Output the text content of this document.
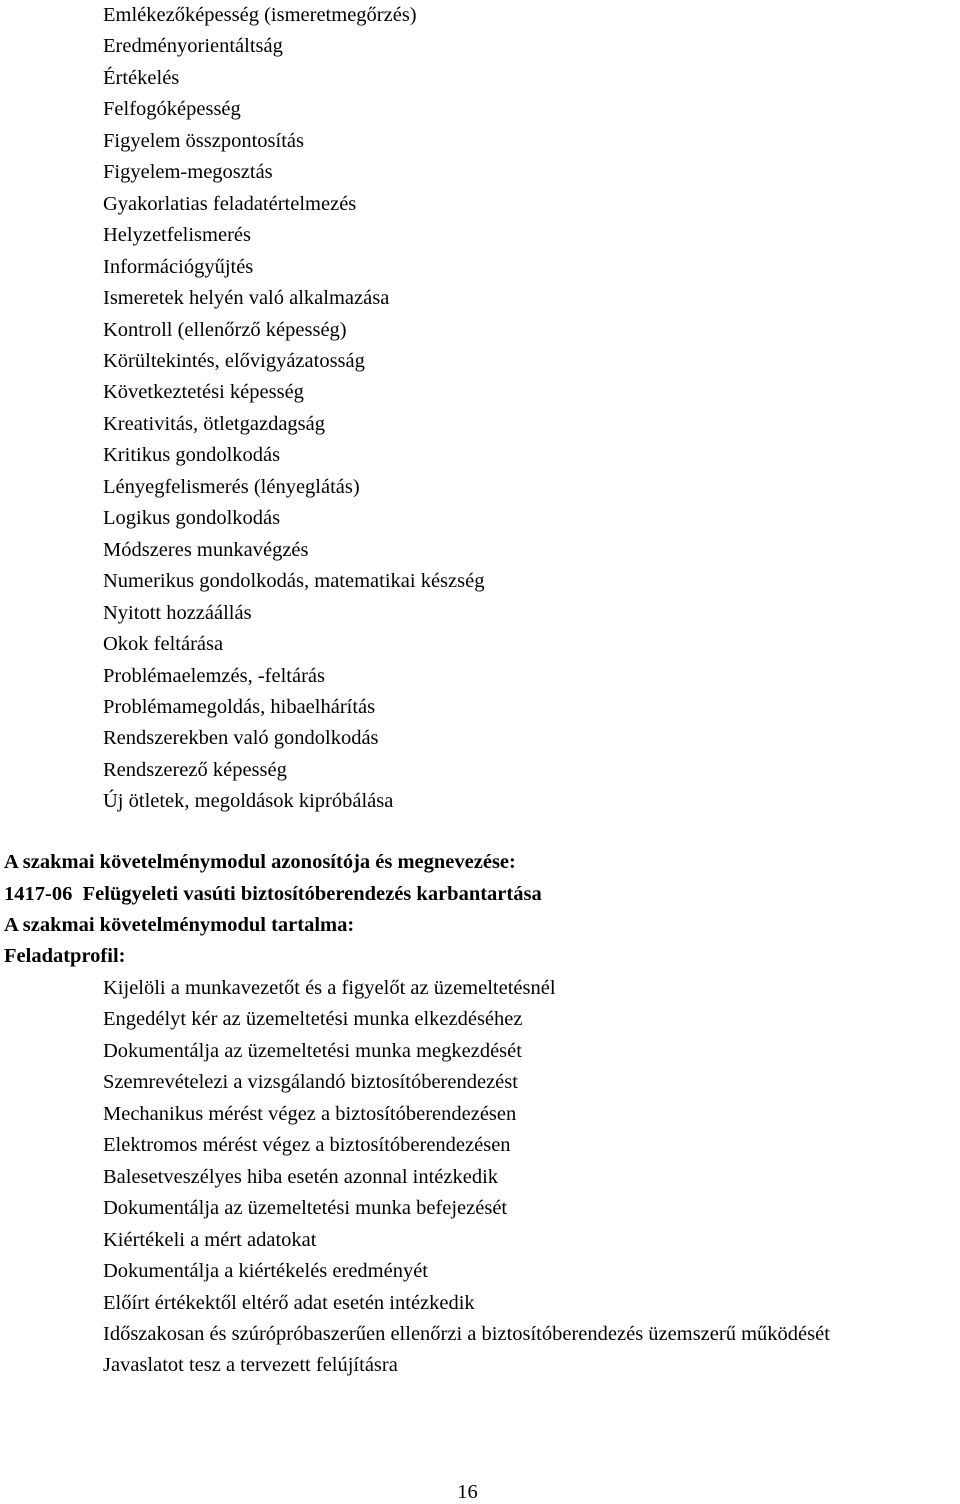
Emlékezőképesség (ismeretmegőrzés)
Eredményorientáltság
Értékelés
Felfogóképesség
Figyelem összpontosítás
Figyelem-megosztás
Gyakorlatias feladatértelmezés
Helyzetfelismerés
Információgyűjtés
Ismeretek helyén való alkalmazása
Kontroll (ellenőrző képesség)
Körültekintés, elővigyázatosság
Következtetési képesség
Kreativitás, ötletgazdagság
Kritikus gondolkodás
Lényegfelismerés (lényeglátás)
Logikus gondolkodás
Módszeres munkavégzés
Numerikus gondolkodás, matematikai készség
Nyitott hozzáállás
Okok feltárása
Problémaelemzés, -feltárás
Problémamegoldás, hibaelhárítás
Rendszerekben való gondolkodás
Rendszerező képesség
Új ötletek, megoldások kipróbálása

A szakmai követelménymodul azonosítója és megnevezése:

1417-06  Felügyeleti vasúti biztosítóberendezés karbantartása

A szakmai követelménymodul tartalma:

Feladatprofil:

Kijelöli a munkavezetőt és a figyelőt az üzemeltetésnél
Engedélyt kér az üzemeltetési munka elkezdéséhez
Dokumentálja az üzemeltetési munka megkezdését
Szemrevételezi a vizsgálandó biztosítóberendezést
Mechanikus mérést végez a biztosítóberendezésen
Elektromos mérést végez a biztosítóberendezésen
Balesetveszélyes hiba esetén azonnal intézkedik
Dokumentálja az üzemeltetési munka befejezését
Kiértékeli a mért adatokat
Dokumentálja a kiértékelés eredményét
Előírt értékektől eltérő adat esetén intézkedik
Időszakosan és szúrópróbaszerűen ellenőrzi a biztosítóberendezés üzemszerű működését
Javaslatot tesz a tervezett felújításra
16
